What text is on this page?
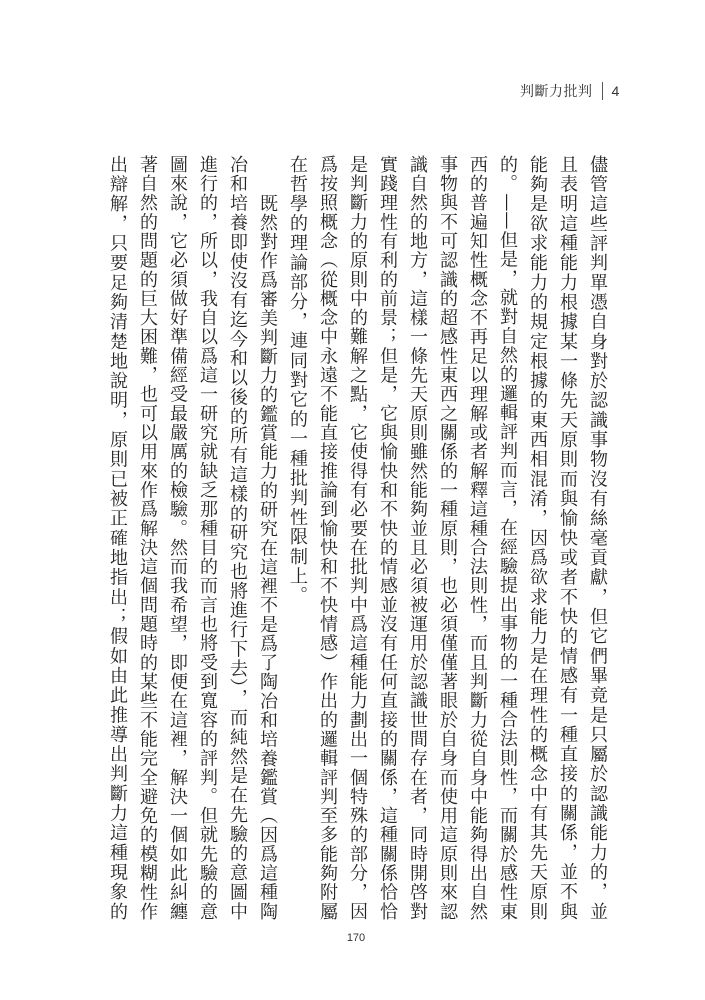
判斷力批判 4
儘管這些評判單憑自身對於認識事物沒有絲毫貢獻，但它們畢竟是只屬於認識能力的，並
且表明這種能力根據某一條先天原則而與愉快或者不快的情感有一種直接的關係，並不與
能夠是欲求能力的規定根據的東西相混淆，因爲欲求能力是在理性的概念中有其先天原則
的。——但是，就對自然的邏輯評判而言，在經驗提出事物的一種合法則性，而關於感性東
西的普遍知性概念不再足以理解或者解釋這種合法則性，而且判斷力從自身中能夠得出自然
事物與不可認識的超感性東西之關係的一種原則，也必須僅僅著眼於自身而使用這原則來認
識自然的地方，這樣一條先天原則雖然能夠並且必須被運用於認識世間存在者，同時開啓對
實踐理性有利的前景；但是，它與愉快和不快的情感並沒有任何直接的關係，這種關係恰恰
是判斷力的原則中的難解之點，它使得有必要在批判中爲這種能力劃出一個特殊的部分，因
爲按照概念（從概念中永遠不能直接推論到愉快和不快情感）作出的邏輯評判至多能夠附屬
在哲學的理論部分，連同對它的一種批判性限制上。
既然對作爲審美判斷力的鑑賞能力的研究在這裡不是爲了陶冶和培養鑑賞（因爲這種陶
冶和培養即使沒有迄今和以後的所有這樣的研究也將進行下去），而純然是在先驗的意圖中
進行的，所以，我自以爲這一研究就缺乏那種目的而言也將受到寬容的評判。但就先驗的意
圖來說，它必須做好準備經受最嚴厲的檢驗。然而我希望，即便在這裡，解決一個如此糾纏
著自然的問題的巨大困難，也可以用來作爲解決這個問題時的某些不能完全避免的模糊性作
出辯解，只要足夠清楚地說明，原則已被正確地指出；假如由此推導出判斷力這種現象的
170
